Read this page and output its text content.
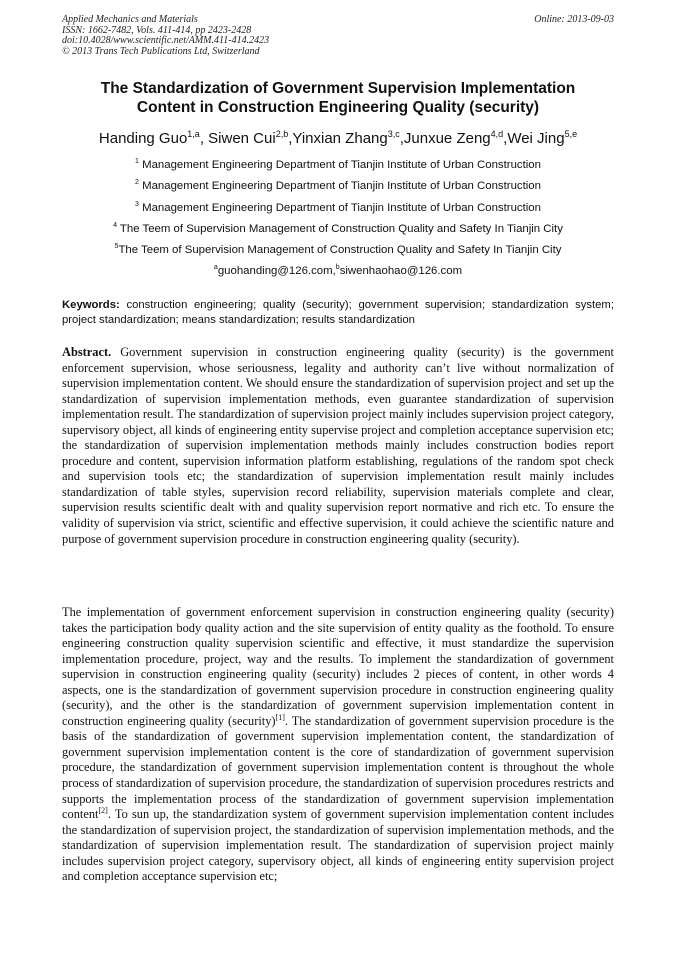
Applied Mechanics and Materials
ISSN: 1662-7482, Vols. 411-414, pp 2423-2428
doi:10.4028/www.scientific.net/AMM.411-414.2423
© 2013 Trans Tech Publications Ltd, Switzerland
Online: 2013-09-03
The Standardization of Government Supervision Implementation
Content in Construction Engineering Quality (security)
Handing Guo$^{1,a}$, Siwen Cui$^{2,b}$,Yinxian Zhang$^{3,c}$,Junxue Zeng$^{4,d}$,Wei Jing$^{5,e}$
$^1$ Management Engineering Department of Tianjin Institute of Urban Construction
$^2$ Management Engineering Department of Tianjin Institute of Urban Construction
$^3$ Management Engineering Department of Tianjin Institute of Urban Construction
$^4$ The Teem of Supervision Management of Construction Quality and Safety In Tianjin City
$^5$The Teem of Supervision Management of Construction Quality and Safety In Tianjin City
$^a$guohanding@126.com,$^b$siwenhaohao@126.com
Keywords: construction engineering; quality (security); government supervision; standardization system; project standardization; means standardization; results standardization
Abstract. Government supervision in construction engineering quality (security) is the government enforcement supervision, whose seriousness, legality and authority can’t live without normalization of supervision implementation content. We should ensure the standardization of supervision project and set up the standardization of supervision implementation methods, even guarantee standardization of supervision implementation result. The standardization of supervision project mainly includes supervision project category, supervisory object, all kinds of engineering entity supervise project and completion acceptance supervision etc; the standardization of supervision implementation methods mainly includes construction bodies report procedure and content, supervision information platform establishing, regulations of the random spot check and supervision tools etc; the standardization of supervision implementation result mainly includes standardization of table styles, supervision record reliability, supervision materials complete and clear, supervision results scientific dealt with and quality supervision report normative and rich etc. To ensure the validity of supervision via strict, scientific and effective supervision, it could achieve the scientific nature and purpose of government supervision procedure in construction engineering quality (security).
The implementation of government enforcement supervision in construction engineering quality (security) takes the participation body quality action and the site supervision of entity quality as the foothold. To ensure engineering construction quality supervision scientific and effective, it must standardize the supervision implementation procedure, project, way and the results. To implement the standardization of government supervision in construction engineering quality (security) includes 2 pieces of content, in other words 4 aspects, one is the standardization of government supervision procedure in construction engineering quality (security), and the other is the standardization of government supervision implementation content in construction engineering quality (security)[1]. The standardization of government supervision procedure is the basis of the standardization of government supervision implementation content, the standardization of government supervision implementation content is the core of standardization of government supervision procedure, the standardization of government supervision implementation content is throughout the whole process of standardization of supervision procedure, the standardization of supervision procedures restricts and supports the implementation process of the standardization of government supervision implementation content[2]. To sun up, the standardization system of government supervision implementation content includes the standardization of supervision project, the standardization of supervision implementation methods, and the standardization of supervision implementation result. The standardization of supervision project mainly includes supervision project category, supervisory object, all kinds of engineering entity supervision project and completion acceptance supervision etc;
